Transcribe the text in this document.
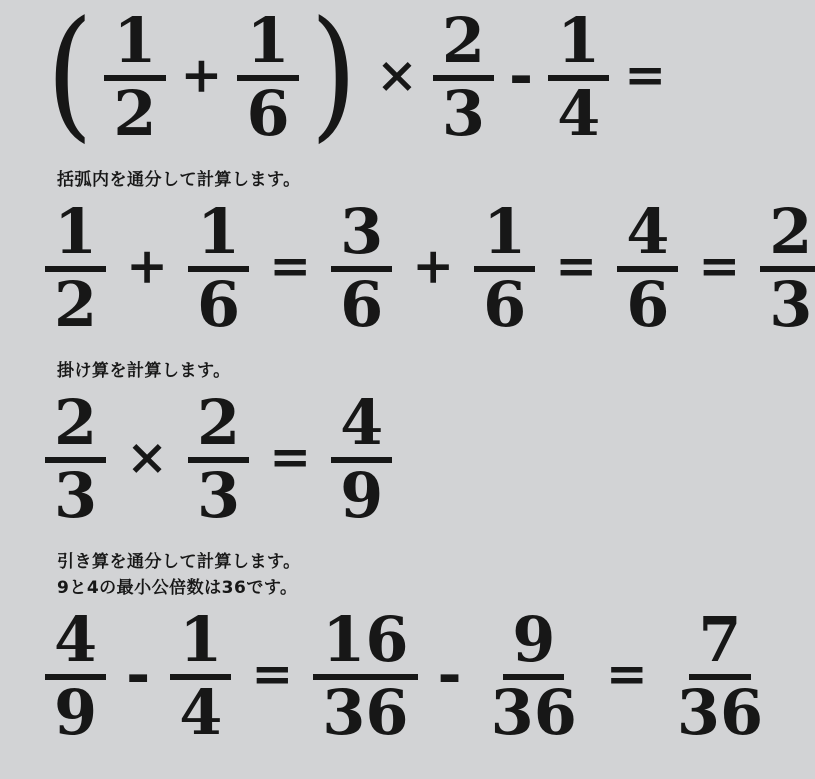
( $\frac{1}{2} + \frac{1}{6}$ ) × $\frac{2}{3} - \frac{1}{4}$ =
括弧内を通分して計算します。
$\frac{1}{2} + \frac{1}{6} = \frac{3}{6} + \frac{1}{6} = \frac{4}{6} = \frac{2}{3}$
掛け算を計算します。
$\frac{2}{3} \times \frac{2}{3} = \frac{4}{9}$
引き算を通分して計算します。
9と4の最小公倍数は36です。
$\frac{4}{9} - \frac{1}{4} = \frac{16}{36} - \frac{9}{36} = \frac{7}{36}$
